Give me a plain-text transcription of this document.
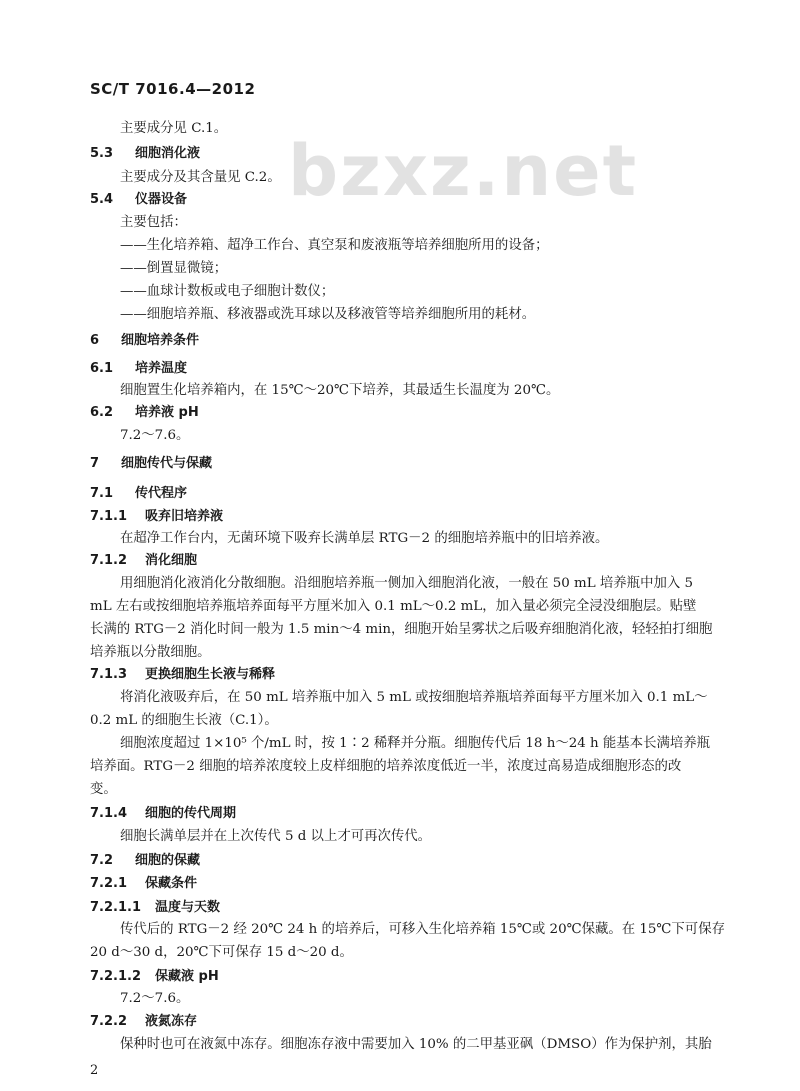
SC/T 7016.4—2012
bzxz.net
主要成分见 C.1。
5.3 细胞消化液
主要成分及其含量见 C.2。
5.4 仪器设备
主要包括：
——生化培养箱、超净工作台、真空泵和废液瓶等培养细胞所用的设备；
——倒置显微镜；
——血球计数板或电子细胞计数仪；
——细胞培养瓶、移液器或洗耳球以及移液管等培养细胞所用的耗材。
6 细胞培养条件
6.1 培养温度
细胞置生化培养箱内，在 15℃～20℃下培养，其最适生长温度为 20℃。
6.2 培养液 pH
7.2～7.6。
7 细胞传代与保藏
7.1 传代程序
7.1.1 吸弃旧培养液
在超净工作台内，无菌环境下吸弃长满单层 RTG－2 的细胞培养瓶中的旧培养液。
7.1.2 消化细胞
用细胞消化液消化分散细胞。沿细胞培养瓶一侧加入细胞消化液，一般在 50 mL 培养瓶中加入 5
mL 左右或按细胞培养瓶培养面每平方厘米加入 0.1 mL～0.2 mL，加入量必须完全浸没细胞层。贴壁
长满的 RTG－2 消化时间一般为 1.5 min～4 min，细胞开始呈雾状之后吸弃细胞消化液，轻轻拍打细胞
培养瓶以分散细胞。
7.1.3 更换细胞生长液与稀释
将消化液吸弃后，在 50 mL 培养瓶中加入 5 mL 或按细胞培养瓶培养面每平方厘米加入 0.1 mL～
0.2 mL 的细胞生长液（C.1）。
细胞浓度超过 1×10⁵ 个/mL 时，按 1∶2 稀释并分瓶。细胞传代后 18 h～24 h 能基本长满培养瓶
培养面。RTG－2 细胞的培养浓度较上皮样细胞的培养浓度低近一半，浓度过高易造成细胞形态的改
变。
7.1.4 细胞的传代周期
细胞长满单层并在上次传代 5 d 以上才可再次传代。
7.2 细胞的保藏
7.2.1 保藏条件
7.2.1.1 温度与天数
传代后的 RTG－2 经 20℃ 24 h 的培养后，可移入生化培养箱 15℃或 20℃保藏。在 15℃下可保存
20 d～30 d，20℃下可保存 15 d～20 d。
7.2.1.2 保藏液 pH
7.2～7.6。
7.2.2 液氮冻存
保种时也可在液氮中冻存。细胞冻存液中需要加入 10% 的二甲基亚砜（DMSO）作为保护剂，其胎
2
